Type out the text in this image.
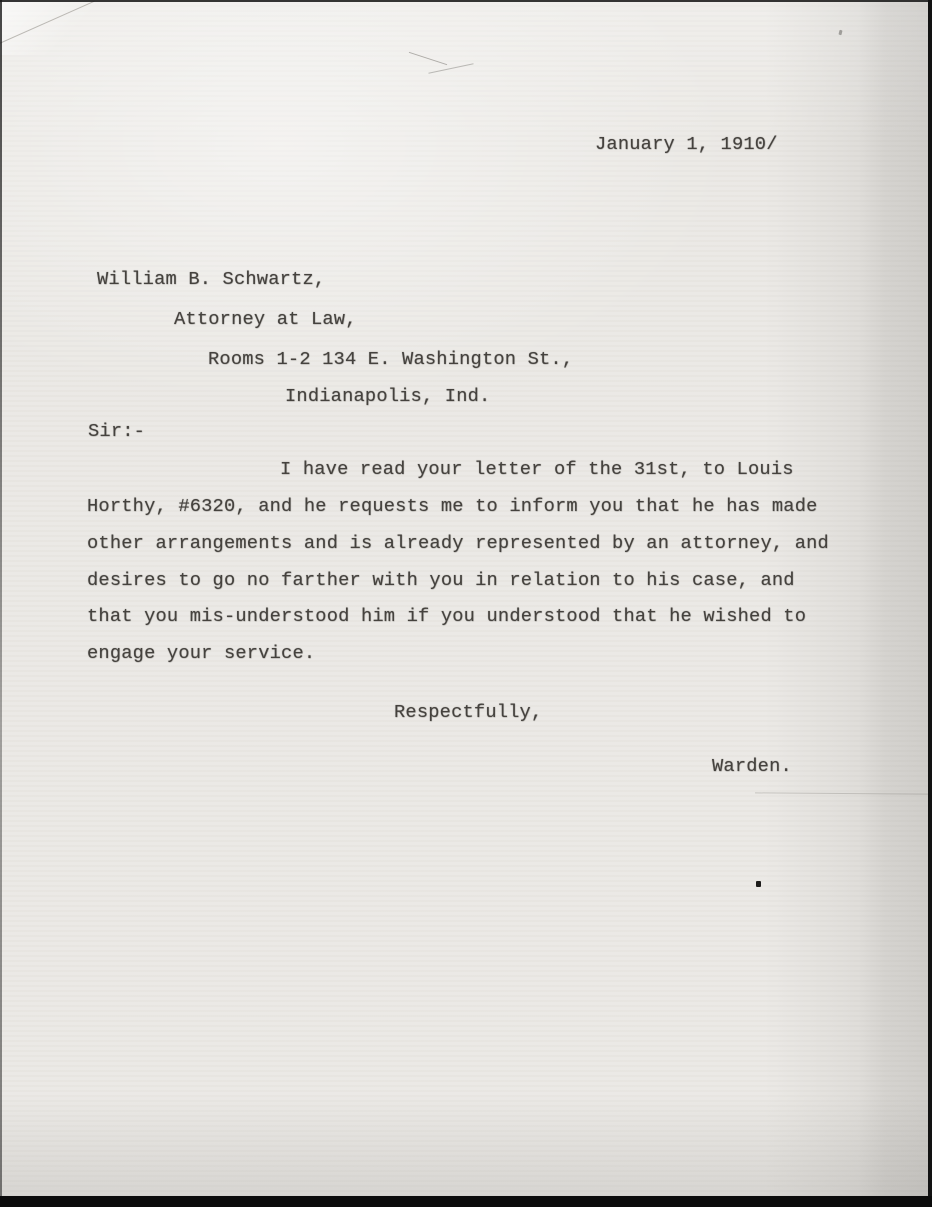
January 1, 1910/
William B. Schwartz,
Attorney at Law,
Rooms 1-2 134 E. Washington St.,
Indianapolis, Ind.
Sir:-
I have read your letter of the 31st, to Louis
Horthy, #6320, and he requests me to inform you that he has made
other arrangements and is already represented by an attorney, and
desires to go no farther with you in relation to his case, and
that you mis-understood him if you understood that he wished to
engage your service.
Respectfully,
Warden.
